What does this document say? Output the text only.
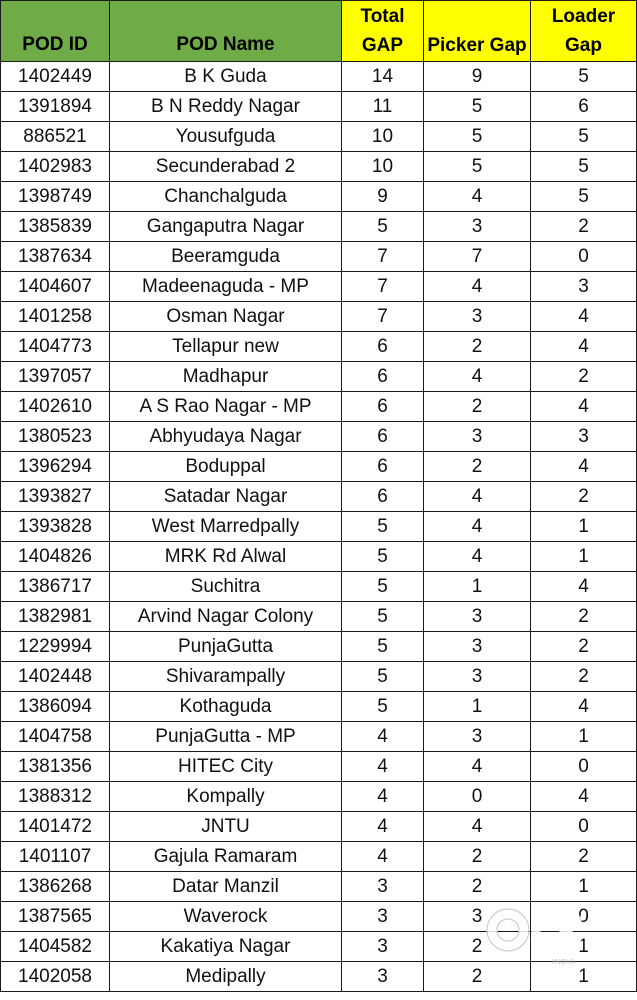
POD ID	POD Name	Total GAP	Picker Gap	Loader Gap
1402449	B K Guda	14	9	5
1391894	B N Reddy Nagar	11	5	6
886521	Yousufguda	10	5	5
1402983	Secunderabad 2	10	5	5
1398749	Chanchalguda	9	4	5
1385839	Gangaputra Nagar	5	3	2
1387634	Beeramguda	7	7	0
1404607	Madeenaguda - MP	7	4	3
1401258	Osman Nagar	7	3	4
1404773	Tellapur new	6	2	4
1397057	Madhapur	6	4	2
1402610	A S Rao Nagar - MP	6	2	4
1380523	Abhyudaya Nagar	6	3	3
1396294	Boduppal	6	2	4
1393827	Satadar Nagar	6	4	2
1393828	West Marredpally	5	4	1
1404826	MRK Rd Alwal	5	4	1
1386717	Suchitra	5	1	4
1382981	Arvind Nagar Colony	5	3	2
1229994	PunjaGutta	5	3	2
1402448	Shivarampally	5	3	2
1386094	Kothaguda	5	1	4
1404758	PunjaGutta - MP	4	3	1
1381356	HITEC City	4	4	0
1388312	Kompally	4	0	4
1401472	JNTU	4	4	0
1401107	Gajula Ramaram	4	2	2
1386268	Datar Manzil	3	2	1
1387565	Waverock	3	3	0
1404582	Kakatiya Nagar	3	2	1
1402058	Medipally	3	2	1
INDIA
